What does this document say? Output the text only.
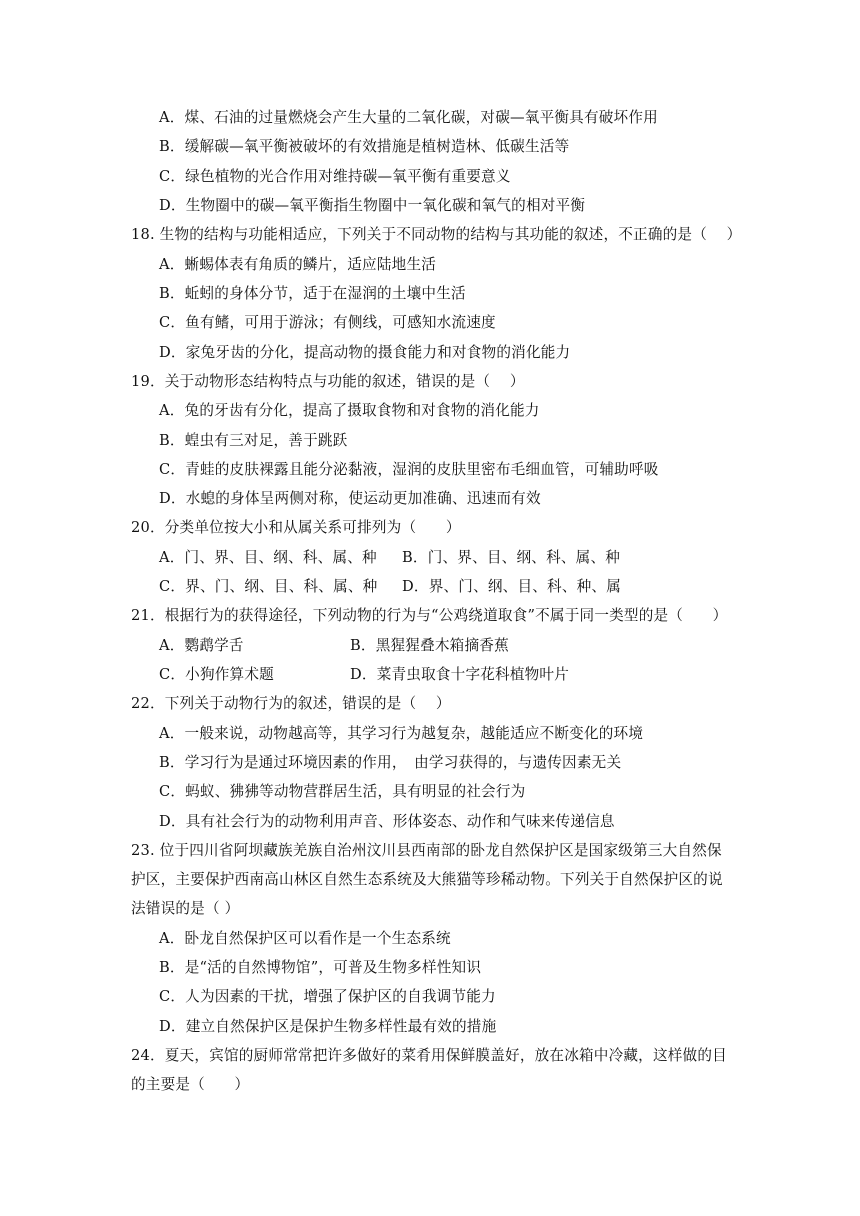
A．煤、石油的过量燃烧会产生大量的二氧化碳，对碳—氧平衡具有破坏作用
B．缓解碳—氧平衡被破坏的有效措施是植树造林、低碳生活等
C．绿色植物的光合作用对维持碳—氧平衡有重要意义
D．生物圈中的碳—氧平衡指生物圈中一氧化碳和氧气的相对平衡
18. 生物的结构与功能相适应，下列关于不同动物的结构与其功能的叙述，不正确的是（　 ）
A．蜥蜴体表有角质的鳞片，适应陆地生活
B．蚯蚓的身体分节，适于在湿润的土壤中生活
C．鱼有鳍，可用于游泳；有侧线，可感知水流速度
D．家兔牙齿的分化，提高动物的摄食能力和对食物的消化能力
19．关于动物形态结构特点与功能的叙述，错误的是（　 ）
A．兔的牙齿有分化，提高了摄取食物和对食物的消化能力
B．蝗虫有三对足，善于跳跃
C．青蛙的皮肤裸露且能分泌黏液，湿润的皮肤里密布毛细血管，可辅助呼吸
D．水螅的身体呈两侧对称，使运动更加准确、迅速而有效
20．分类单位按大小和从属关系可排列为（　　）
A．门、界、目、纲、科、属、种 B．门、界、目、纲、科、属、种
C．界、门、纲、目、科、属、种 D．界、门、纲、目、科、种、属
21．根据行为的获得途径，下列动物的行为与“公鸡绕道取食”不属于同一类型的是（　　）
A．鹦鹉学舌	B．黑猩猩叠木箱摘香蕉
C．小狗作算术题	D．菜青虫取食十字花科植物叶片
22．下列关于动物行为的叙述，错误的是（　 ）
A．一般来说，动物越高等，其学习行为越复杂，越能适应不断变化的环境
B．学习行为是通过环境因素的作用，　由学习获得的，与遗传因素无关
C．蚂蚁、狒狒等动物营群居生活，具有明显的社会行为
D．具有社会行为的动物利用声音、形体姿态、动作和气味来传递信息
23. 位于四川省阿坝藏族羌族自治州汶川县西南部的卧龙自然保护区是国家级第三大自然保
护区，主要保护西南高山林区自然生态系统及大熊猫等珍稀动物。下列关于自然保护区的说
法错误的是（ ）
A．卧龙自然保护区可以看作是一个生态系统
B．是“活的自然博物馆”，可普及生物多样性知识
C．人为因素的干扰，增强了保护区的自我调节能力
D．建立自然保护区是保护生物多样性最有效的措施
24．夏天，宾馆的厨师常常把许多做好的菜肴用保鲜膜盖好，放在冰箱中冷藏，这样做的目
的主要是（　　）
